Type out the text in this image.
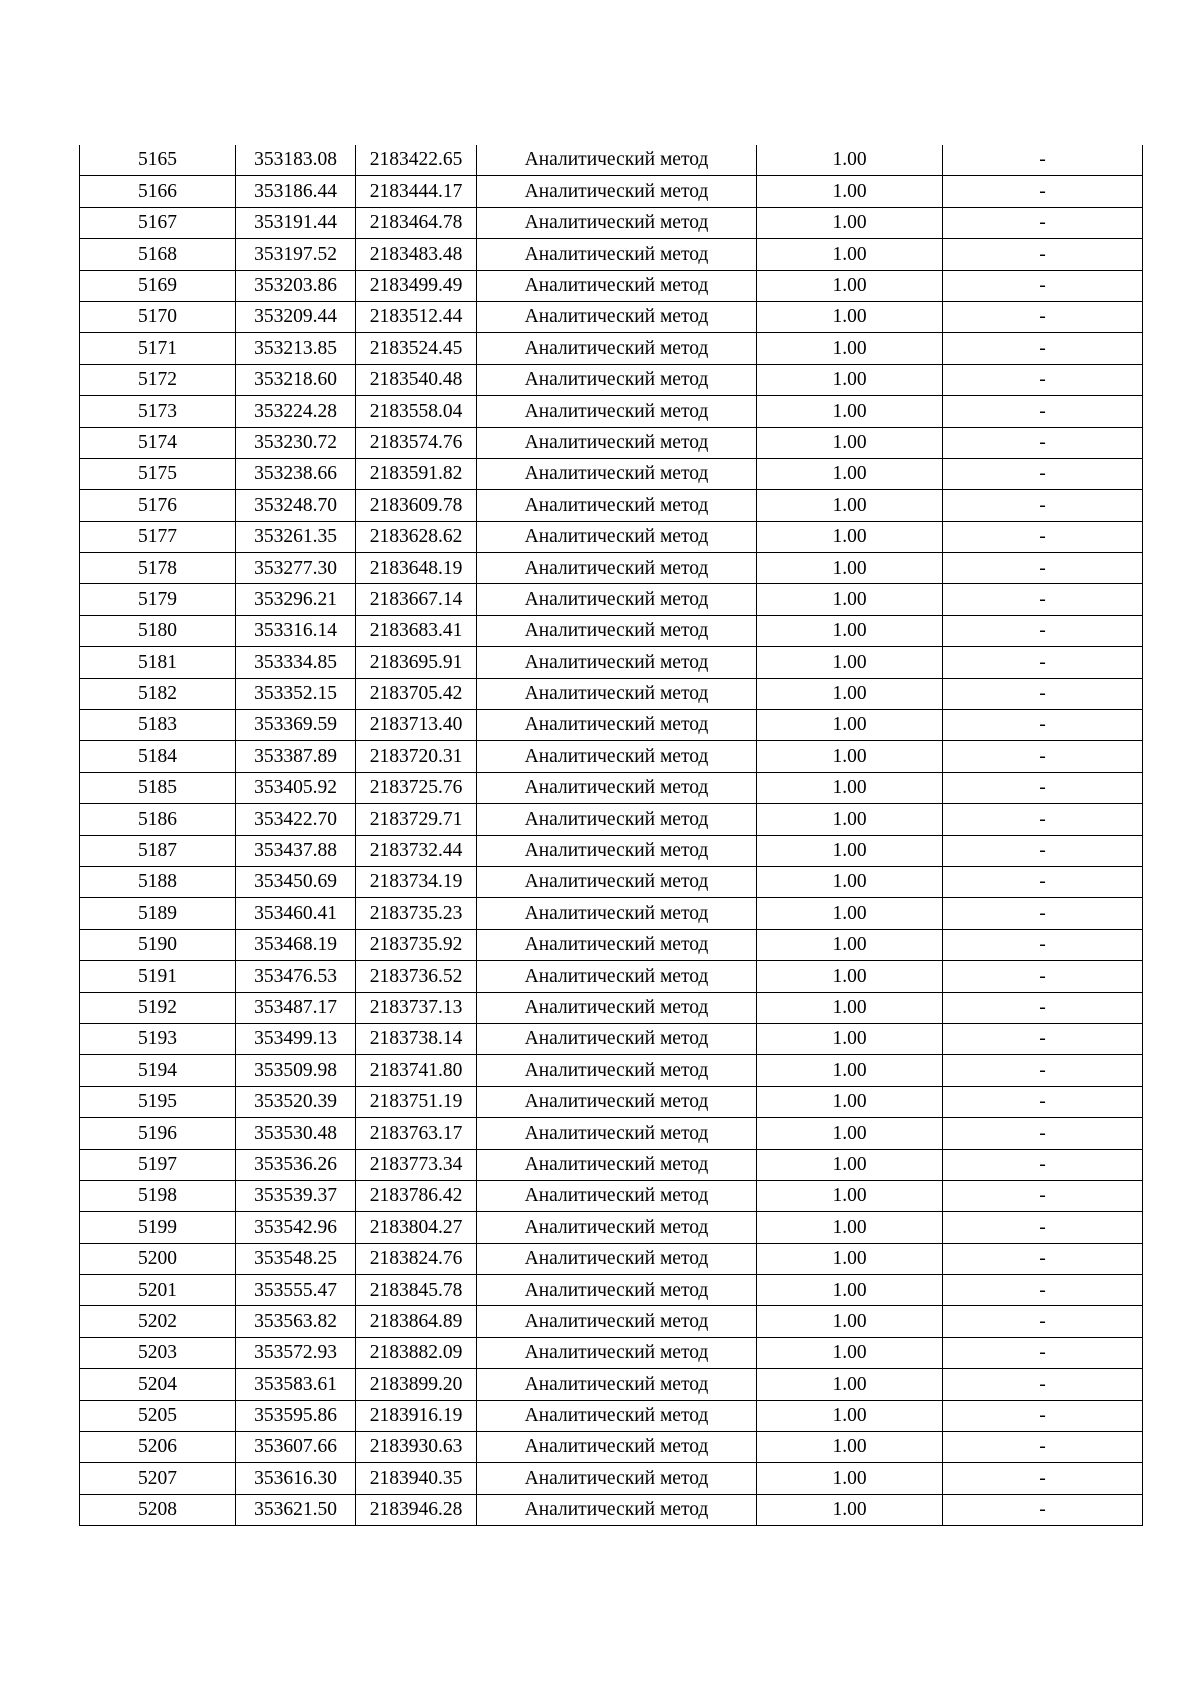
5165	353183.08	2183422.65	Аналитический метод	1.00	-
5166	353186.44	2183444.17	Аналитический метод	1.00	-
5167	353191.44	2183464.78	Аналитический метод	1.00	-
5168	353197.52	2183483.48	Аналитический метод	1.00	-
5169	353203.86	2183499.49	Аналитический метод	1.00	-
5170	353209.44	2183512.44	Аналитический метод	1.00	-
5171	353213.85	2183524.45	Аналитический метод	1.00	-
5172	353218.60	2183540.48	Аналитический метод	1.00	-
5173	353224.28	2183558.04	Аналитический метод	1.00	-
5174	353230.72	2183574.76	Аналитический метод	1.00	-
5175	353238.66	2183591.82	Аналитический метод	1.00	-
5176	353248.70	2183609.78	Аналитический метод	1.00	-
5177	353261.35	2183628.62	Аналитический метод	1.00	-
5178	353277.30	2183648.19	Аналитический метод	1.00	-
5179	353296.21	2183667.14	Аналитический метод	1.00	-
5180	353316.14	2183683.41	Аналитический метод	1.00	-
5181	353334.85	2183695.91	Аналитический метод	1.00	-
5182	353352.15	2183705.42	Аналитический метод	1.00	-
5183	353369.59	2183713.40	Аналитический метод	1.00	-
5184	353387.89	2183720.31	Аналитический метод	1.00	-
5185	353405.92	2183725.76	Аналитический метод	1.00	-
5186	353422.70	2183729.71	Аналитический метод	1.00	-
5187	353437.88	2183732.44	Аналитический метод	1.00	-
5188	353450.69	2183734.19	Аналитический метод	1.00	-
5189	353460.41	2183735.23	Аналитический метод	1.00	-
5190	353468.19	2183735.92	Аналитический метод	1.00	-
5191	353476.53	2183736.52	Аналитический метод	1.00	-
5192	353487.17	2183737.13	Аналитический метод	1.00	-
5193	353499.13	2183738.14	Аналитический метод	1.00	-
5194	353509.98	2183741.80	Аналитический метод	1.00	-
5195	353520.39	2183751.19	Аналитический метод	1.00	-
5196	353530.48	2183763.17	Аналитический метод	1.00	-
5197	353536.26	2183773.34	Аналитический метод	1.00	-
5198	353539.37	2183786.42	Аналитический метод	1.00	-
5199	353542.96	2183804.27	Аналитический метод	1.00	-
5200	353548.25	2183824.76	Аналитический метод	1.00	-
5201	353555.47	2183845.78	Аналитический метод	1.00	-
5202	353563.82	2183864.89	Аналитический метод	1.00	-
5203	353572.93	2183882.09	Аналитический метод	1.00	-
5204	353583.61	2183899.20	Аналитический метод	1.00	-
5205	353595.86	2183916.19	Аналитический метод	1.00	-
5206	353607.66	2183930.63	Аналитический метод	1.00	-
5207	353616.30	2183940.35	Аналитический метод	1.00	-
5208	353621.50	2183946.28	Аналитический метод	1.00	-
